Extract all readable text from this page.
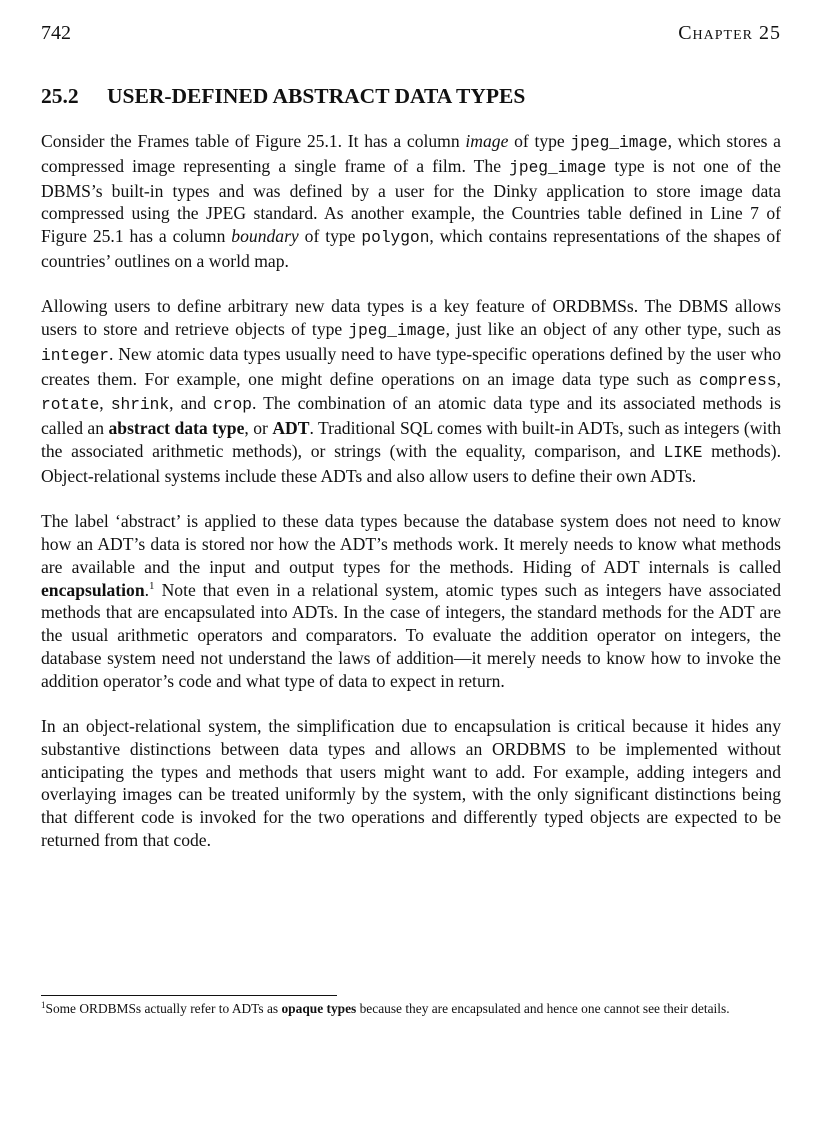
742	Chapter 25
25.2 USER-DEFINED ABSTRACT DATA TYPES

Consider the Frames table of Figure 25.1. It has a column image of type jpeg_image, which stores a compressed image representing a single frame of a film. The jpeg_image type is not one of the DBMS’s built-in types and was defined by a user for the Dinky application to store image data compressed using the JPEG standard. As another example, the Countries table defined in Line 7 of Figure 25.1 has a column boundary of type polygon, which contains representations of the shapes of countries’ outlines on a world map.

Allowing users to define arbitrary new data types is a key feature of ORDBMSs. The DBMS allows users to store and retrieve objects of type jpeg_image, just like an object of any other type, such as integer. New atomic data types usually need to have type-specific operations defined by the user who creates them. For example, one might define operations on an image data type such as compress, rotate, shrink, and crop. The combination of an atomic data type and its associated methods is called an abstract data type, or ADT. Traditional SQL comes with built-in ADTs, such as integers (with the associated arithmetic methods), or strings (with the equality, comparison, and LIKE methods). Object-relational systems include these ADTs and also allow users to define their own ADTs.

The label ‘abstract’ is applied to these data types because the database system does not need to know how an ADT’s data is stored nor how the ADT’s methods work. It merely needs to know what methods are available and the input and output types for the methods. Hiding of ADT internals is called encapsulation.$^1$ Note that even in a relational system, atomic types such as integers have associated methods that are encapsulated into ADTs. In the case of integers, the standard methods for the ADT are the usual arithmetic operators and comparators. To evaluate the addition operator on integers, the database system need not understand the laws of addition—it merely needs to know how to invoke the addition operator’s code and what type of data to expect in return.

In an object-relational system, the simplification due to encapsulation is critical because it hides any substantive distinctions between data types and allows an ORDBMS to be implemented without anticipating the types and methods that users might want to add. For example, adding integers and overlaying images can be treated uniformly by the system, with the only significant distinctions being that different code is invoked for the two operations and differently typed objects are expected to be returned from that code.

$^1$Some ORDBMSs actually refer to ADTs as opaque types because they are encapsulated and hence one cannot see their details.
